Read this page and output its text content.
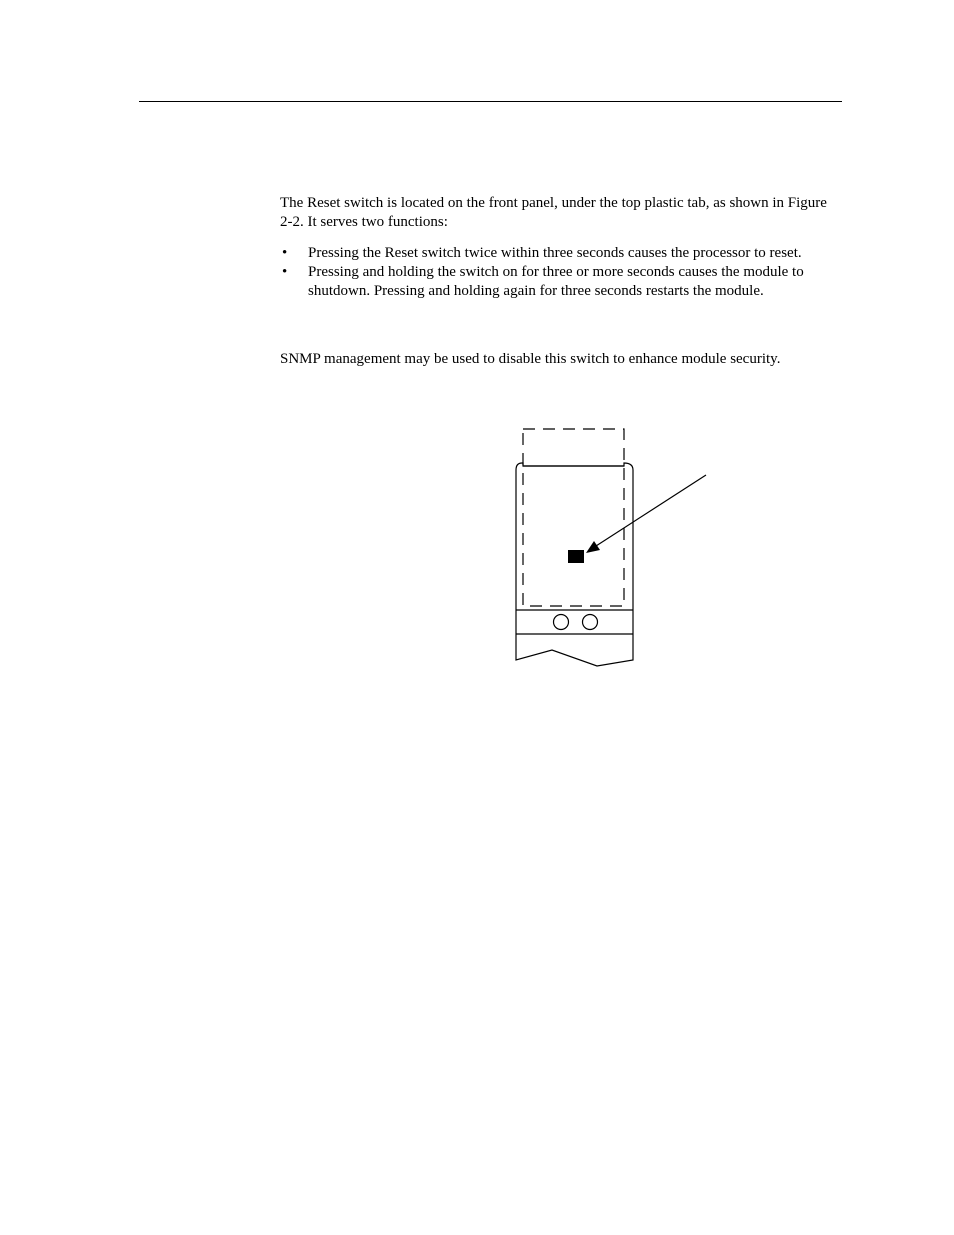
The Reset switch is located on the front panel, under the top plastic tab, as shown in Figure 2-2. It serves two functions:

• Pressing the Reset switch twice within three seconds causes the processor to reset.
• Pressing and holding the switch on for three or more seconds causes the module to shutdown. Pressing and holding again for three seconds restarts the module.

SNMP management may be used to disable this switch to enhance module security.
